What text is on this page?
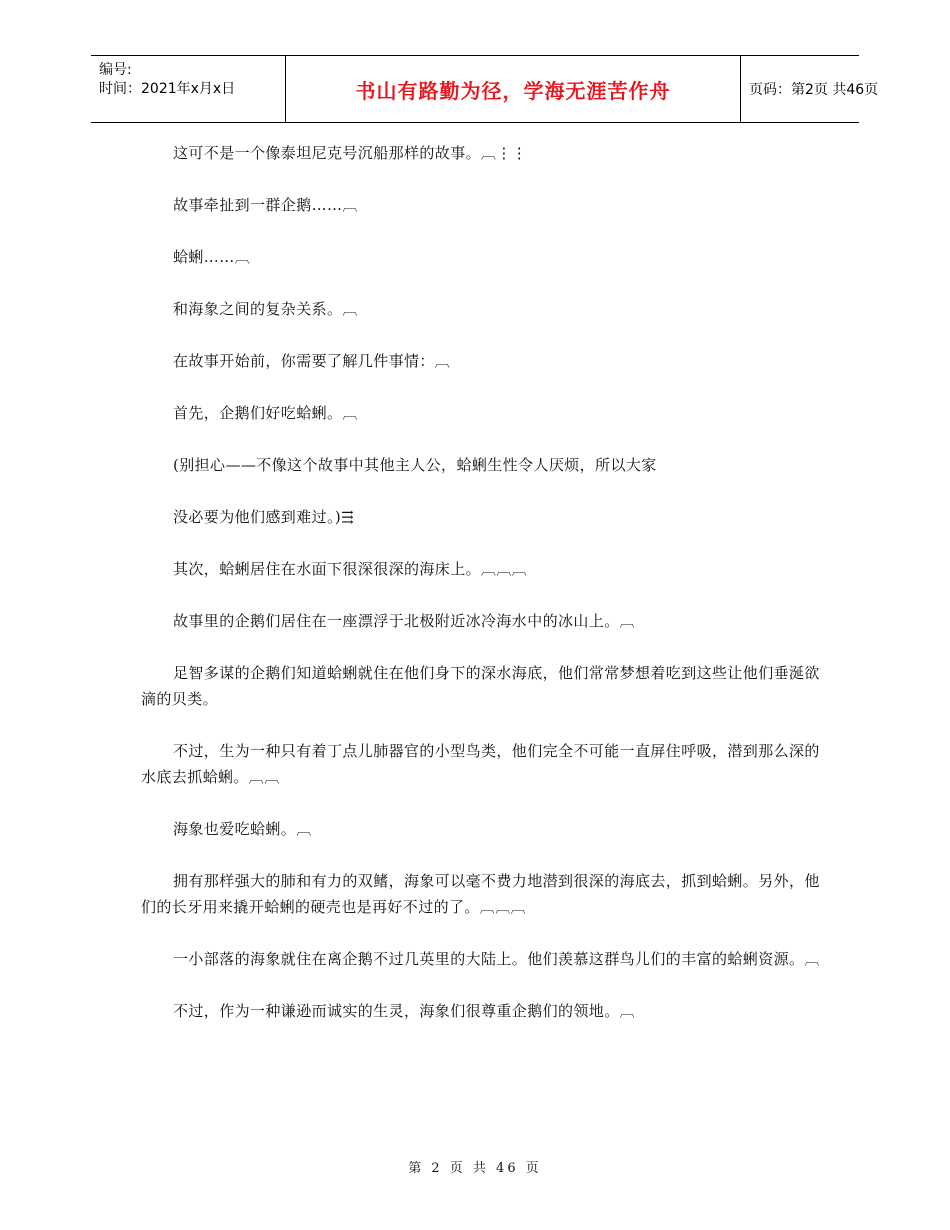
编号:
时间：2021年x月x日	书山有路勤为径，学海无涯苦作舟	页码：第2页 共46页

这可不是一个像泰坦尼克号沉船那样的故事。︹⋮⋮

故事牵扯到一群企鹅……︹

蛤蜊……︹

和海象之间的复杂关系。︹

在故事开始前，你需要了解几件事情：︹

首先，企鹅们好吃蛤蜊。︹

(别担心——不像这个故事中其他主人公，蛤蜊生性令人厌烦，所以大家

没必要为他们感到难过。)⇶

其次，蛤蜊居住在水面下很深很深的海床上。︹︹︹

故事里的企鹅们居住在一座漂浮于北极附近冰冷海水中的冰山上。︹

足智多谋的企鹅们知道蛤蜊就住在他们身下的深水海底，他们常常梦想着吃到这些让他们垂涎欲滴的贝类。

不过，生为一种只有着丁点儿肺器官的小型鸟类，他们完全不可能一直屏住呼吸，潜到那么深的水底去抓蛤蜊。︹︹

海象也爱吃蛤蜊。︹

拥有那样强大的肺和有力的双鳍，海象可以毫不费力地潜到很深的海底去，抓到蛤蜊。另外，他们的长牙用来撬开蛤蜊的硬壳也是再好不过的了。︹︹︹

一小部落的海象就住在离企鹅不过几英里的大陆上。他们羡慕这群鸟儿们的丰富的蛤蜊资源。︹

不过，作为一种谦逊而诚实的生灵，海象们很尊重企鹅们的领地。︹

第 2 页 共 46 页
